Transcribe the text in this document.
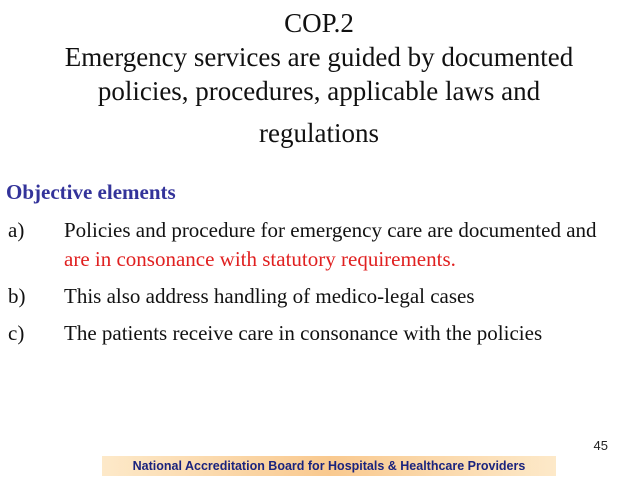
COP.2
Emergency services are guided by documented
policies, procedures, applicable laws and
regulations
Objective elements
a) Policies and procedure for emergency care are documented and are in consonance with statutory requirements.
b) This also address handling of medico-legal cases
c) The patients receive care in consonance with the policies
45
National Accreditation Board for Hospitals & Healthcare Providers
